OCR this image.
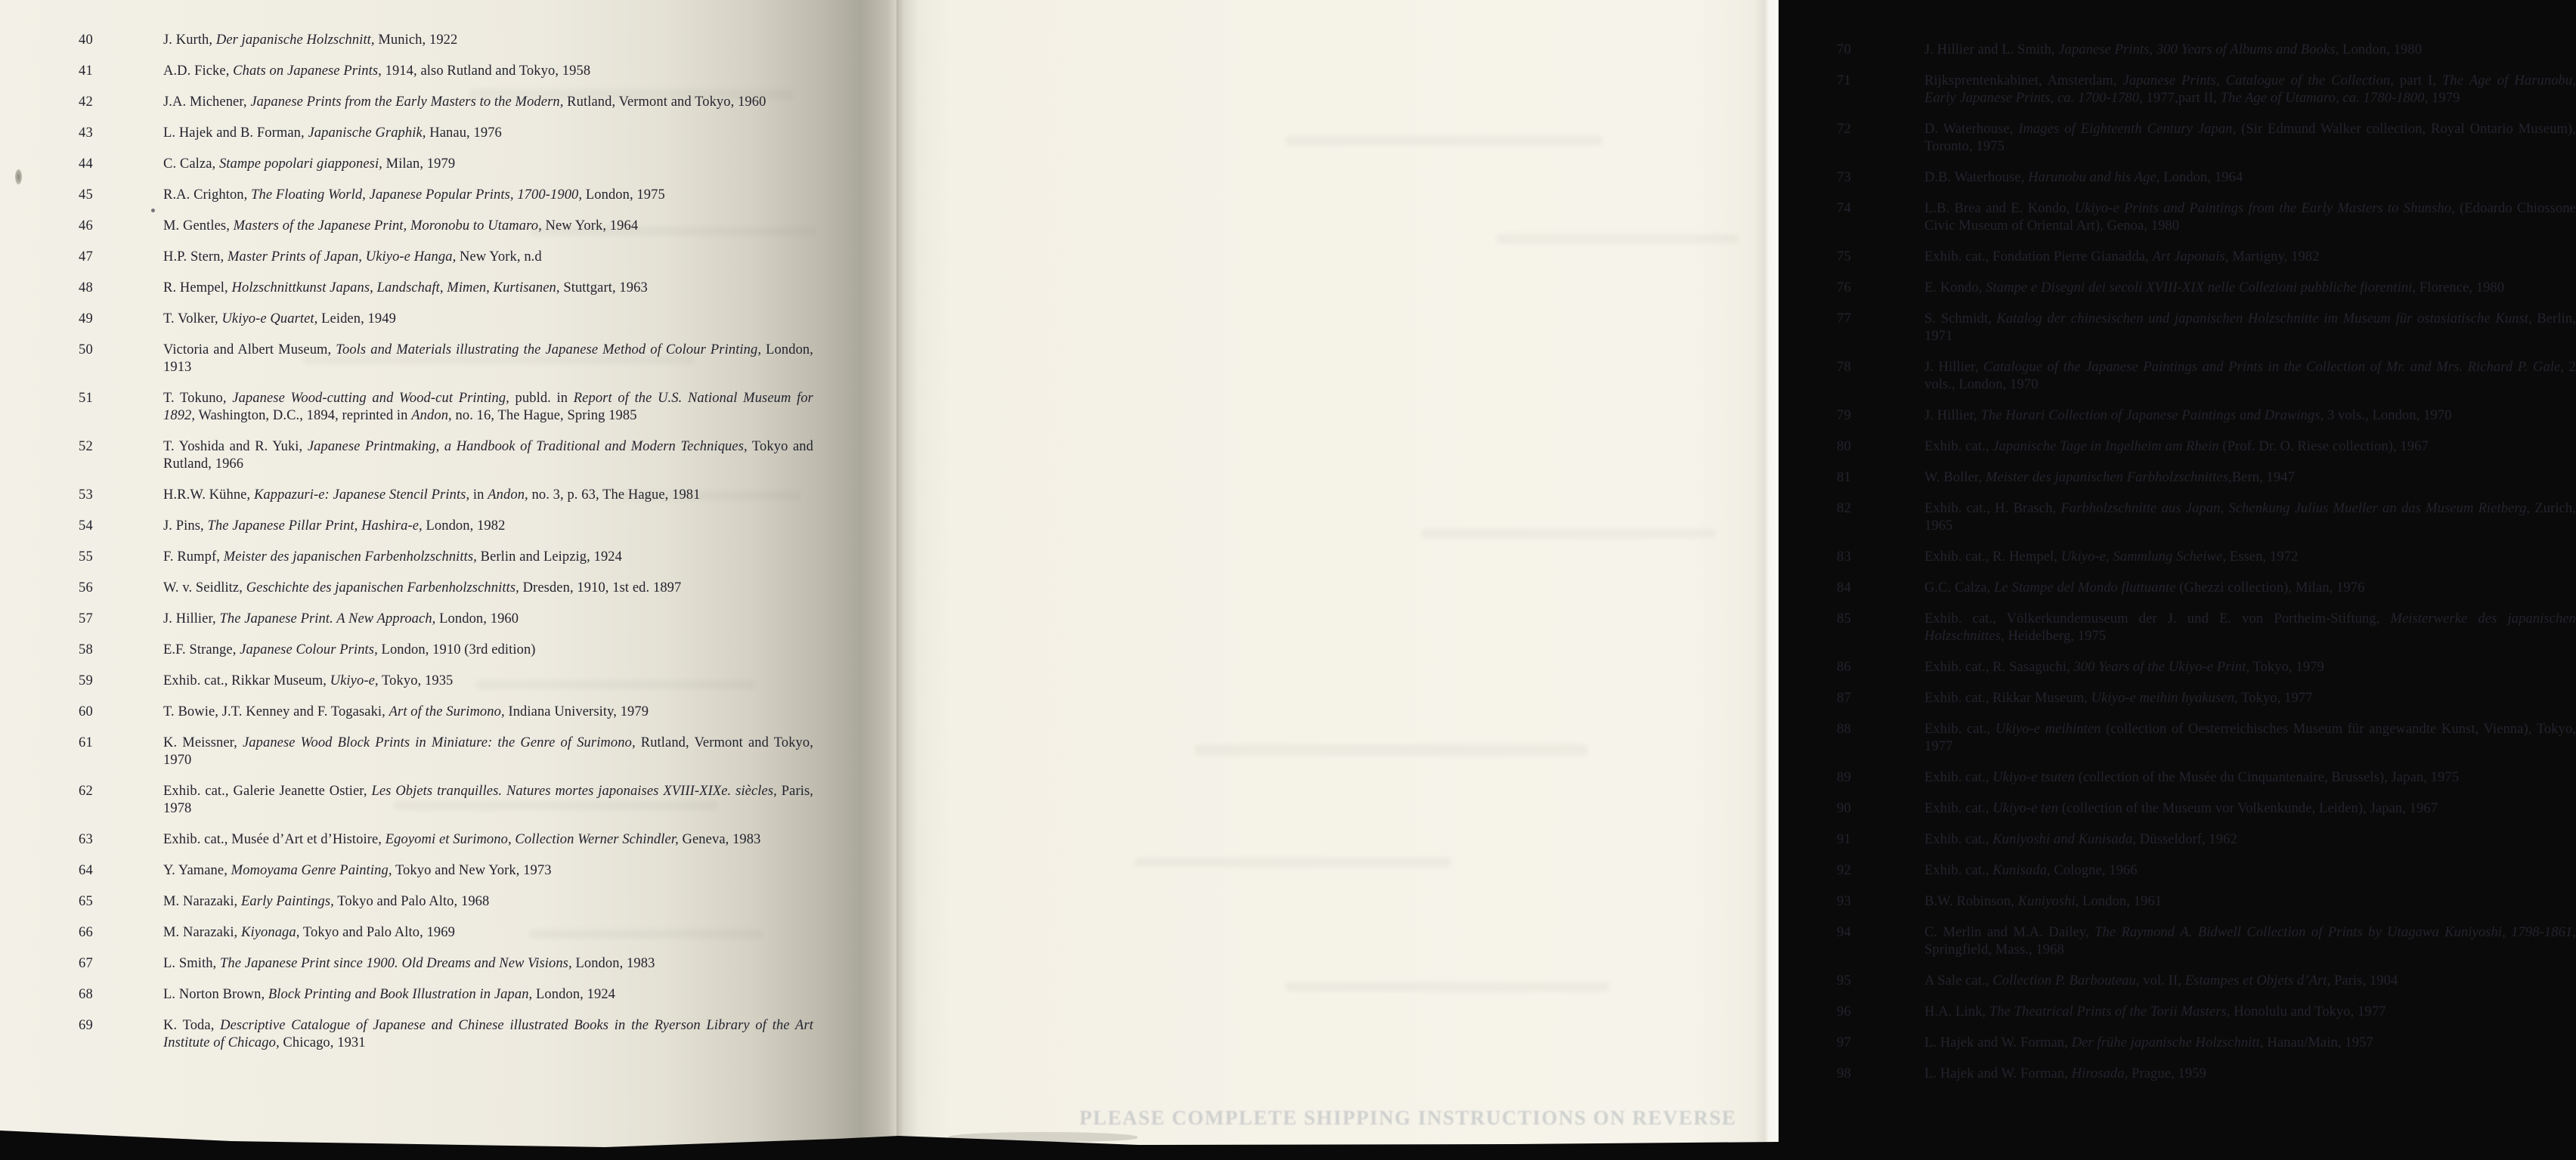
40	J. Kurth, Der japanische Holzschnitt, Munich, 1922
41	A.D. Ficke, Chats on Japanese Prints, 1914, also Rutland and Tokyo, 1958
42	J.A. Michener, Japanese Prints from the Early Masters to the Modern, Rutland, Vermont and Tokyo, 1960
43	L. Hajek and B. Forman, Japanische Graphik, Hanau, 1976
44	C. Calza, Stampe popolari giapponesi, Milan, 1979
45	R.A. Crighton, The Floating World, Japanese Popular Prints, 1700-1900, London, 1975
46	M. Gentles, Masters of the Japanese Print, Moronobu to Utamaro, New York, 1964
47	H.P. Stern, Master Prints of Japan, Ukiyo-e Hanga, New York, n.d
48	R. Hempel, Holzschnittkunst Japans, Landschaft, Mimen, Kurtisanen, Stuttgart, 1963
49	T. Volker, Ukiyo-e Quartet, Leiden, 1949
50	Victoria and Albert Museum, Tools and Materials illustrating the Japanese Method of Colour Printing, London, 1913
51	T. Tokuno, Japanese Wood-cutting and Wood-cut Printing, publd. in Report of the U.S. National Museum for 1892, Washington, D.C., 1894, reprinted in Andon, no. 16, The Hague, Spring 1985
52	T. Yoshida and R. Yuki, Japanese Printmaking, a Handbook of Traditional and Modern Techniques, Tokyo and Rutland, 1966
53	H.R.W. Kühne, Kappazuri-e: Japanese Stencil Prints, in Andon, no. 3, p. 63, The Hague, 1981
54	J. Pins, The Japanese Pillar Print, Hashira-e, London, 1982
55	F. Rumpf, Meister des japanischen Farbenholzschnitts, Berlin and Leipzig, 1924
56	W. v. Seidlitz, Geschichte des japanischen Farbenholzschnitts, Dresden, 1910, 1st ed. 1897
57	J. Hillier, The Japanese Print. A New Approach, London, 1960
58	E.F. Strange, Japanese Colour Prints, London, 1910 (3rd edition)
59	Exhib. cat., Rikkar Museum, Ukiyo-e, Tokyo, 1935
60	T. Bowie, J.T. Kenney and F. Togasaki, Art of the Surimono, Indiana University, 1979
61	K. Meissner, Japanese Wood Block Prints in Miniature: the Genre of Surimono, Rutland, Vermont and Tokyo, 1970
62	Exhib. cat., Galerie Jeanette Ostier, Les Objets tranquilles. Natures mortes japonaises XVIII-XIXe. siècles, Paris, 1978
63	Exhib. cat., Musée d’Art et d’Histoire, Egoyomi et Surimono, Collection Werner Schindler, Geneva, 1983
64	Y. Yamane, Momoyama Genre Painting, Tokyo and New York, 1973
65	M. Narazaki, Early Paintings, Tokyo and Palo Alto, 1968
66	M. Narazaki, Kiyonaga, Tokyo and Palo Alto, 1969
67	L. Smith, The Japanese Print since 1900. Old Dreams and New Visions, London, 1983
68	L. Norton Brown, Block Printing and Book Illustration in Japan, London, 1924
69	K. Toda, Descriptive Catalogue of Japanese and Chinese illustrated Books in the Ryerson Library of the Art Institute of Chicago, Chicago, 1931
70	J. Hillier and L. Smith, Japanese Prints, 300 Years of Albums and Books, London, 1980
71	Rijksprentenkabinet, Amsterdam, Japanese Prints, Catalogue of the Collection, part I, The Age of Harunobu, Early Japanese Prints, ca. 1700-1780, 1977,part II, The Age of Utamaro, ca. 1780-1800, 1979
72	D. Waterhouse, Images of Eighteenth Century Japan, (Sir Edmund Walker collection, Royal Ontario Museum), Toronto, 1975
73	D.B. Waterhouse, Harunobu and his Age, London, 1964
74	L.B. Brea and E. Kondo, Ukiyo-e Prints and Paintings from the Early Masters to Shunsho, (Edoardo Chiossone Civic Museum of Oriental Art), Genoa, 1980
75	Exhib. cat., Fondation Pierre Gianadda, Art Japonais, Martigny, 1982
76	E. Kondo, Stampe e Disegni dei secoli XVIII-XIX nelle Collezioni pubbliche fiorentini, Florence, 1980
77	S. Schmidt, Katalog der chinesischen und japanischen Holzschnitte im Museum für ostasiatische Kunst, Berlin, 1971
78	J. Hillier, Catalogue of the Japanese Paintings and Prints in the Collection of Mr. and Mrs. Richard P. Gale, 2 vols., London, 1970
79	J. Hillier, The Harari Collection of Japanese Paintings and Drawings, 3 vols., London, 1970
80	Exhib. cat., Japanische Tage in Ingelheim am Rhein (Prof. Dr. O. Riese collection), 1967
81	W. Boller, Meister des japanischen Farbholzschnittes,Bern, 1947
82	Exhib. cat., H. Brasch, Farbholzschnitte aus Japan, Schenkung Julius Mueller an das Museum Rietberg, Zurich, 1965
83	Exhib. cat., R. Hempel, Ukiyo-e, Sammlung Scheiwe, Essen, 1972
84	G.C. Calza, Le Stampe del Mondo fluttuante (Ghezzi collection), Milan, 1976
85	Exhib. cat., Völkerkundemuseum der J. und E. von Portheim-Stiftung, Meisterwerke des japanischen Holzschnittes, Heidelberg, 1975
86	Exhib. cat., R. Sasaguchi, 300 Years of the Ukiyo-e Print, Tokyo, 1979
87	Exhib. cat., Rikkar Museum, Ukiyo-e meihin hyakusen, Tokyo, 1977
88	Exhib. cat., Ukiyo-e meihinten (collection of Oesterreichisches Museum für angewandte Kunst, Vienna), Tokyo, 1977
89	Exhib. cat., Ukiyo-e tsuten (collection of the Musée du Cinquantenaire, Brussels), Japan, 1975
90	Exhib. cat., Ukiyo-e ten (collection of the Museum vor Volkenkunde, Leiden), Japan, 1967
91	Exhib. cat., Kuniyoshi and Kunisada, Düsseldorf, 1962
92	Exhib. cat., Kunisada, Cologne, 1966
93	B.W. Robinson, Kuniyoshi, London, 1961
94	C. Merlin and M.A. Dailey, The Raymond A. Bidwell Collection of Prints by Utagawa Kuniyoshi, 1798-1861, Springfield, Mass., 1968
95	A Sale cat., Collection P. Barbouteau, vol. II, Estampes et Objets d’Art, Paris, 1904
96	H.A. Link, The Theatrical Prints of the Torii Masters, Honolulu and Tokyo, 1977
97	L. Hajek and W. Forman, Der frühe japanische Holzschnitt, Hanau/Main, 1957
98	L. Hajek and W. Forman, Hirosada, Prague, 1959
PLEASE COMPLETE SHIPPING INSTRUCTIONS ON REVERSE
